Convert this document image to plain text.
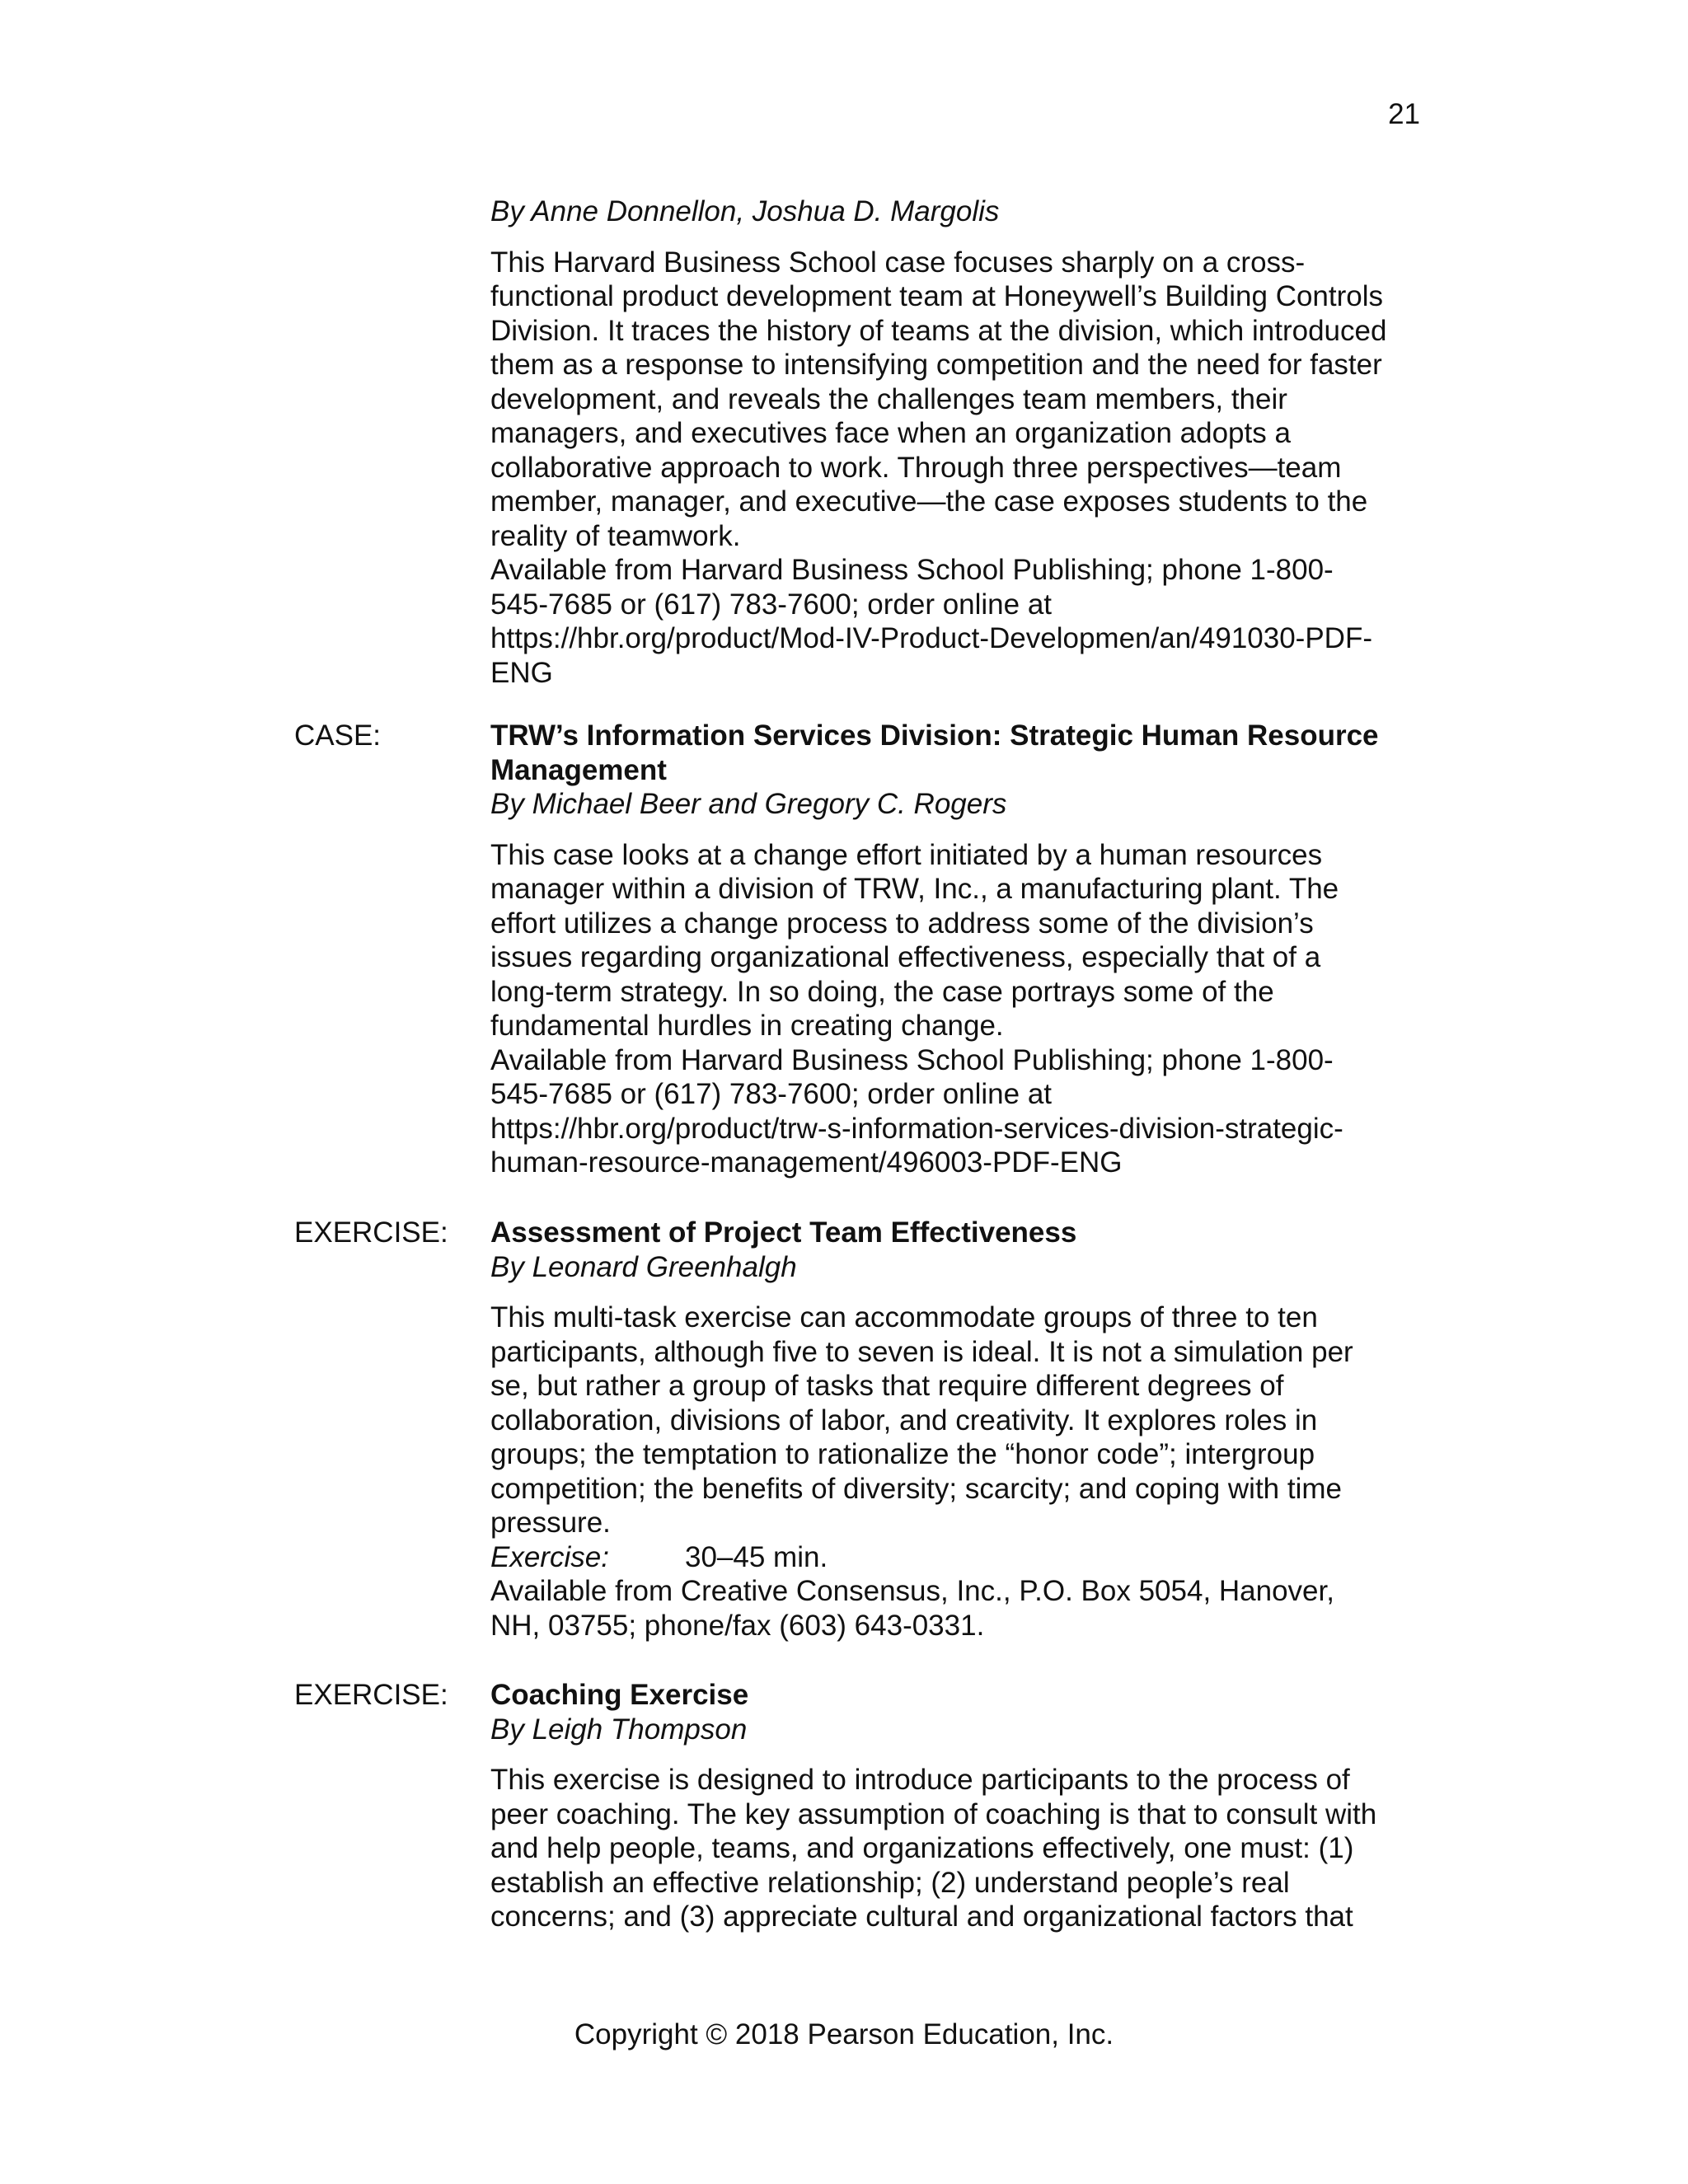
21
By Anne Donnellon, Joshua D. Margolis
This Harvard Business School case focuses sharply on a cross-
functional product development team at Honeywell’s Building Controls
Division. It traces the history of teams at the division, which introduced
them as a response to intensifying competition and the need for faster
development, and reveals the challenges team members, their
managers, and executives face when an organization adopts a
collaborative approach to work. Through three perspectives—team
member, manager, and executive—the case exposes students to the
reality of teamwork.
Available from Harvard Business School Publishing; phone 1-800-
545-7685 or (617) 783-7600; order online at
https://hbr.org/product/Mod-IV-Product-Developmen/an/491030-PDF-
ENG
CASE:	TRW’s Information Services Division: Strategic Human Resource
Management
By Michael Beer and Gregory C. Rogers
This case looks at a change effort initiated by a human resources
manager within a division of TRW, Inc., a manufacturing plant. The
effort utilizes a change process to address some of the division’s
issues regarding organizational effectiveness, especially that of a
long-term strategy. In so doing, the case portrays some of the
fundamental hurdles in creating change.
Available from Harvard Business School Publishing; phone 1-800-
545-7685 or (617) 783-7600; order online at
https://hbr.org/product/trw-s-information-services-division-strategic-
human-resource-management/496003-PDF-ENG
EXERCISE: Assessment of Project Team Effectiveness
By Leonard Greenhalgh
This multi-task exercise can accommodate groups of three to ten
participants, although five to seven is ideal. It is not a simulation per
se, but rather a group of tasks that require different degrees of
collaboration, divisions of labor, and creativity. It explores roles in
groups; the temptation to rationalize the “honor code”; intergroup
competition; the benefits of diversity; scarcity; and coping with time
pressure.
Exercise:	30–45 min.
Available from Creative Consensus, Inc., P.O. Box 5054, Hanover,
NH, 03755; phone/fax (603) 643-0331.
EXERCISE: Coaching Exercise
By Leigh Thompson
This exercise is designed to introduce participants to the process of
peer coaching. The key assumption of coaching is that to consult with
and help people, teams, and organizations effectively, one must: (1)
establish an effective relationship; (2) understand people’s real
concerns; and (3) appreciate cultural and organizational factors that
Copyright © 2018 Pearson Education, Inc.
